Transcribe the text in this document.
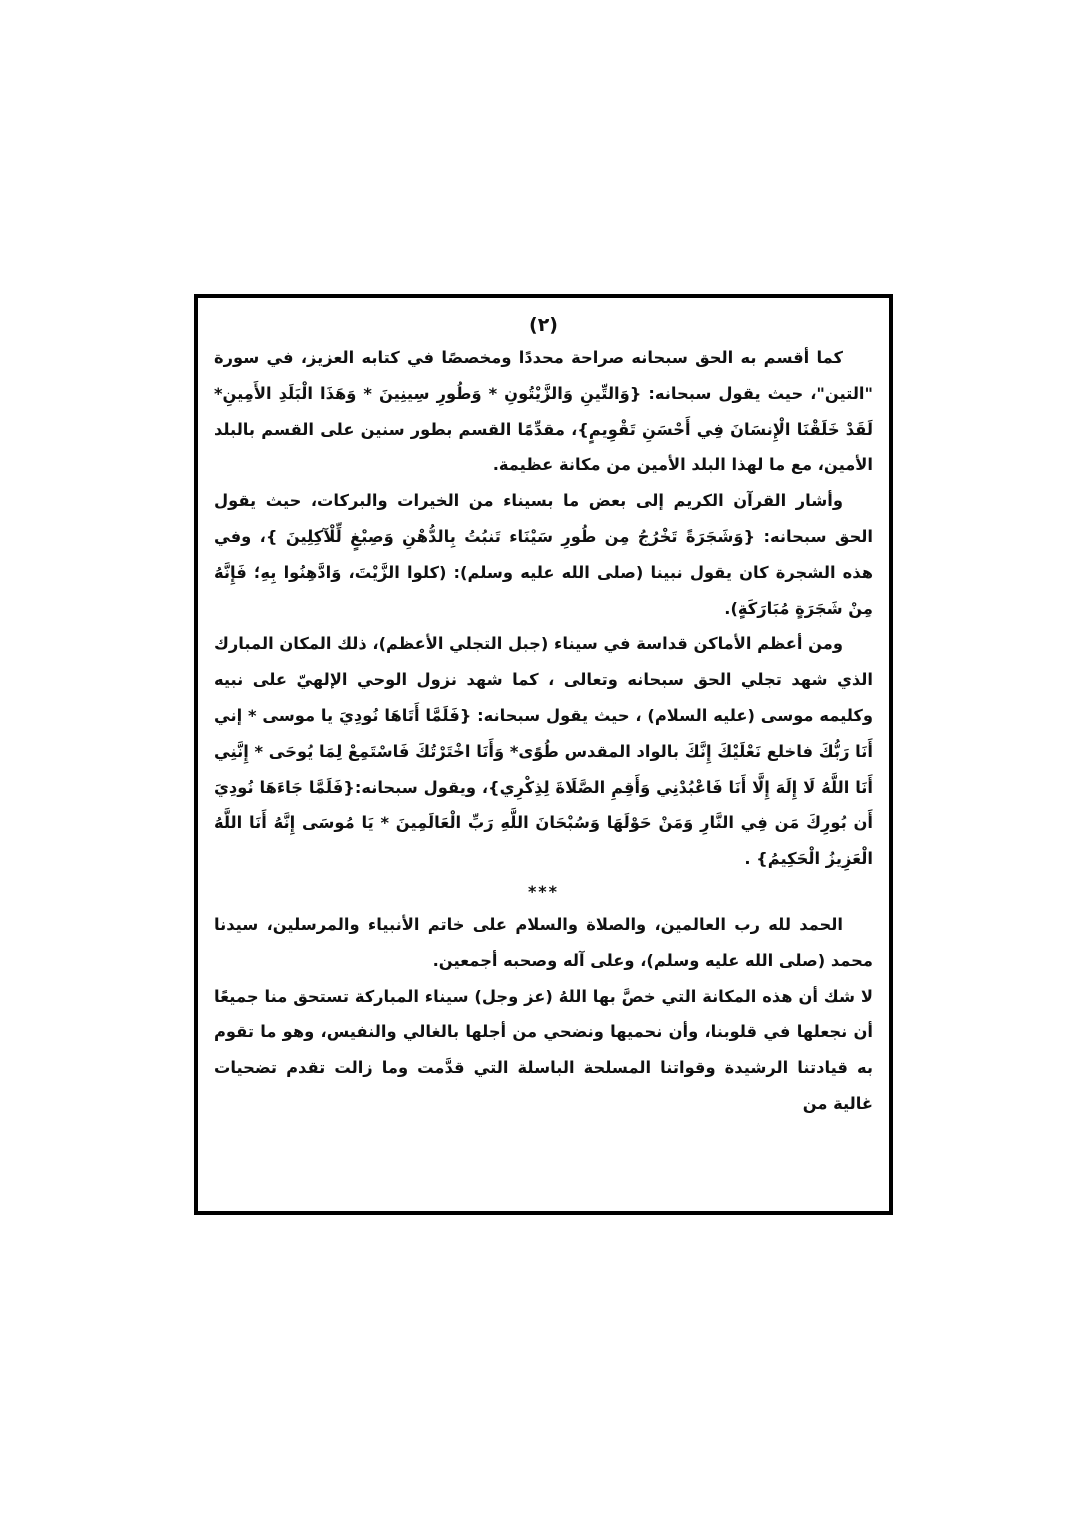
(٢)

كما أقسم به الحق سبحانه صراحة محددًا ومخصصًا في كتابه العزيز، في سورة "التين"، حيث يقول سبحانه: {وَالتِّينِ وَالزَّيْتُونِ * وَطُورِ سِينِينَ * وَهَذَا الْبَلَدِ الأَمِينِ* لَقَدْ خَلَقْنَا الْإِنسَانَ فِي أَحْسَنِ تَقْوِيمٍ}، مقدِّمًا القسم بطور سنين على القسم بالبلد الأمين، مع ما لهذا البلد الأمين من مكانة عظيمة.

وأشار القرآن الكريم إلى بعض ما بسيناء من الخيرات والبركات، حيث يقول الحق سبحانه: {وَشَجَرَةً تَخْرُجُ مِن طُورِ سَيْنَاء تَنبُتُ بِالدُّهْنِ وَصِبْغٍ لِّلْآكِلِينَ }، وفي هذه الشجرة كان يقول نبينا (صلى الله عليه وسلم): (كلوا الزَّيْتَ، وَادَّهِنُوا بِهِ؛ فَإِنَّهُ مِنْ شَجَرَةٍ مُبَارَكَةٍ).

ومن أعظم الأماكن قداسة في سيناء (جبل التجلي الأعظم)، ذلك المكان المبارك الذي شهد تجلي الحق سبحانه وتعالى ، كما شهد نزول الوحي الإلهيّ على نبيه وكليمه موسى (عليه السلام) ، حيث يقول سبحانه: {فَلَمَّا أَتَاهَا نُودِيَ يا موسى * إني أَنَا رَبُّكَ فاخلع نَعْلَيْكَ إِنَّكَ بالواد المقدس طُوًى* وَأَنَا اخْتَرْتُكَ فَاسْتَمِعْ لِمَا يُوحَى * إِنَّنِي أَنَا اللَّهُ لَا إِلَهَ إِلَّا أَنَا فَاعْبُدْنِي وَأَقِمِ الصَّلَاةَ لِذِكْرِي}، ويقول سبحانه:{فَلَمَّا جَاءَهَا نُودِيَ أَن بُورِكَ مَن فِي النَّارِ وَمَنْ حَوْلَهَا وَسُبْحَانَ اللَّهِ رَبِّ الْعَالَمِينَ * يَا مُوسَى إِنَّهُ أَنَا اللَّهُ الْعَزِيزُ الْحَكِيمُ} .

***

الحمد لله رب العالمين، والصلاة والسلام على خاتم الأنبياء والمرسلين، سيدنا محمد (صلى الله عليه وسلم)، وعلى آله وصحبه أجمعين.

لا شك أن هذه المكانة التي خصَّ بها اللهُ (عز وجل) سيناء المباركة تستحق منا جميعًا أن نجعلها في قلوبنا، وأن نحميها ونضحي من أجلها بالغالي والنفيس، وهو ما تقوم به قيادتنا الرشيدة وقواتنا المسلحة الباسلة التي قدَّمت وما زالت تقدم تضحيات غالية من
